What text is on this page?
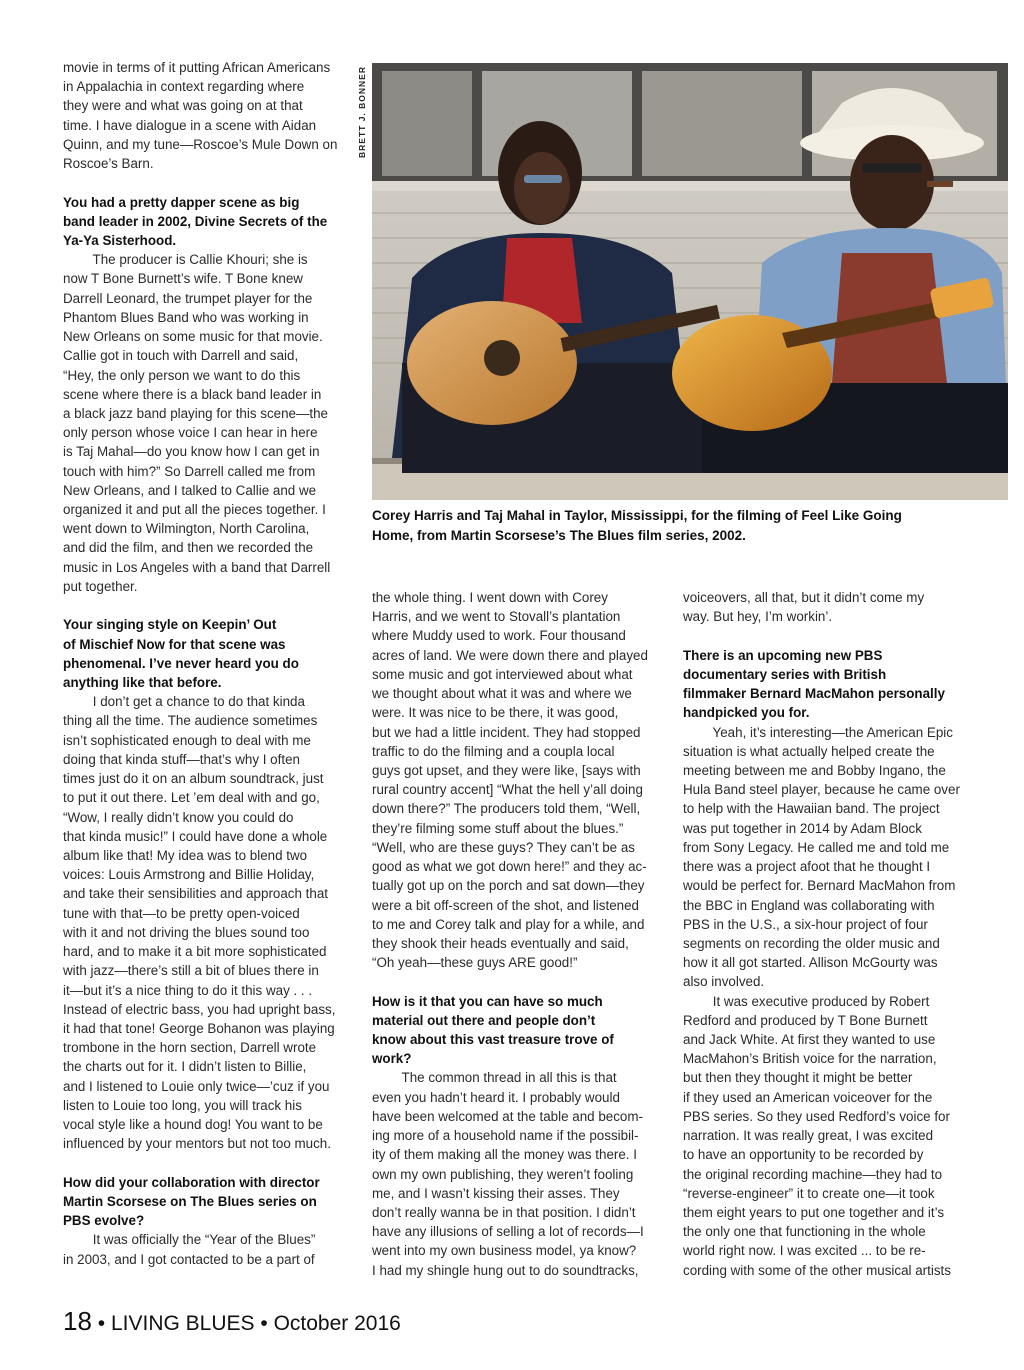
movie in terms of it putting African Americans
in Appalachia in context regarding where
they were and what was going on at that
time. I have dialogue in a scene with Aidan
Quinn, and my tune—Roscoe’s Mule Down on
Roscoe’s Barn.
You had a pretty dapper scene as big
band leader in 2002, Divine Secrets of the
Ya-Ya Sisterhood.
The producer is Callie Khouri; she is
now T Bone Burnett’s wife. T Bone knew
Darrell Leonard, the trumpet player for the
Phantom Blues Band who was working in
New Orleans on some music for that movie.
Callie got in touch with Darrell and said,
“Hey, the only person we want to do this
scene where there is a black band leader in
a black jazz band playing for this scene—the
only person whose voice I can hear in here
is Taj Mahal—do you know how I can get in
touch with him?” So Darrell called me from
New Orleans, and I talked to Callie and we
organized it and put all the pieces together. I
went down to Wilmington, North Carolina,
and did the film, and then we recorded the
music in Los Angeles with a band that Darrell
put together.
Your singing style on Keepin’ Out
of Mischief Now for that scene was
phenomenal. I’ve never heard you do
anything like that before.
I don’t get a chance to do that kinda
thing all the time. The audience sometimes
isn’t sophisticated enough to deal with me
doing that kinda stuff—that’s why I often
times just do it on an album soundtrack, just
to put it out there. Let ’em deal with and go,
“Wow, I really didn’t know you could do
that kinda music!” I could have done a whole
album like that! My idea was to blend two
voices: Louis Armstrong and Billie Holiday,
and take their sensibilities and approach that
tune with that—to be pretty open-voiced
with it and not driving the blues sound too
hard, and to make it a bit more sophisticated
with jazz—there’s still a bit of blues there in
it—but it’s a nice thing to do it this way . . .
Instead of electric bass, you had upright bass,
it had that tone! George Bohanon was playing
trombone in the horn section, Darrell wrote
the charts out for it. I didn’t listen to Billie,
and I listened to Louie only twice—’cuz if you
listen to Louie too long, you will track his
vocal style like a hound dog! You want to be
influenced by your mentors but not too much.
How did your collaboration with director
Martin Scorsese on The Blues series on
PBS evolve?
It was officially the “Year of the Blues”
in 2003, and I got contacted to be a part of
BRETT J. BONNER
Corey Harris and Taj Mahal in Taylor, Mississippi, for the filming of Feel Like Going
Home, from Martin Scorsese’s The Blues film series, 2002.
the whole thing. I went down with Corey
Harris, and we went to Stovall’s plantation
where Muddy used to work. Four thousand
acres of land. We were down there and played
some music and got interviewed about what
we thought about what it was and where we
were. It was nice to be there, it was good,
but we had a little incident. They had stopped
traffic to do the filming and a coupla local
guys got upset, and they were like, [says with
rural country accent] “What the hell y’all doing
down there?” The producers told them, “Well,
they’re filming some stuff about the blues.”
“Well, who are these guys? They can’t be as
good as what we got down here!” and they ac-
tually got up on the porch and sat down—they
were a bit off-screen of the shot, and listened
to me and Corey talk and play for a while, and
they shook their heads eventually and said,
“Oh yeah—these guys ARE good!”
How is it that you can have so much
material out there and people don’t
know about this vast treasure trove of
work?
The common thread in all this is that
even you hadn’t heard it. I probably would
have been welcomed at the table and becom-
ing more of a household name if the possibil-
ity of them making all the money was there. I
own my own publishing, they weren’t fooling
me, and I wasn’t kissing their asses. They
don’t really wanna be in that position. I didn’t
have any illusions of selling a lot of records—I
went into my own business model, ya know?
I had my shingle hung out to do soundtracks,
voiceovers, all that, but it didn’t come my
way. But hey, I’m workin’.
There is an upcoming new PBS
documentary series with British
filmmaker Bernard MacMahon personally
handpicked you for.
Yeah, it’s interesting—the American Epic
situation is what actually helped create the
meeting between me and Bobby Ingano, the
Hula Band steel player, because he came over
to help with the Hawaiian band. The project
was put together in 2014 by Adam Block
from Sony Legacy. He called me and told me
there was a project afoot that he thought I
would be perfect for. Bernard MacMahon from
the BBC in England was collaborating with
PBS in the U.S., a six-hour project of four
segments on recording the older music and
how it all got started. Allison McGourty was
also involved.
It was executive produced by Robert
Redford and produced by T Bone Burnett
and Jack White. At first they wanted to use
MacMahon’s British voice for the narration,
but then they thought it might be better
if they used an American voiceover for the
PBS series. So they used Redford’s voice for
narration. It was really great, I was excited
to have an opportunity to be recorded by
the original recording machine—they had to
“reverse-engineer” it to create one—it took
them eight years to put one together and it’s
the only one that functioning in the whole
world right now. I was excited ... to be re-
cording with some of the other musical artists
18 • LIVING BLUES • October 2016
